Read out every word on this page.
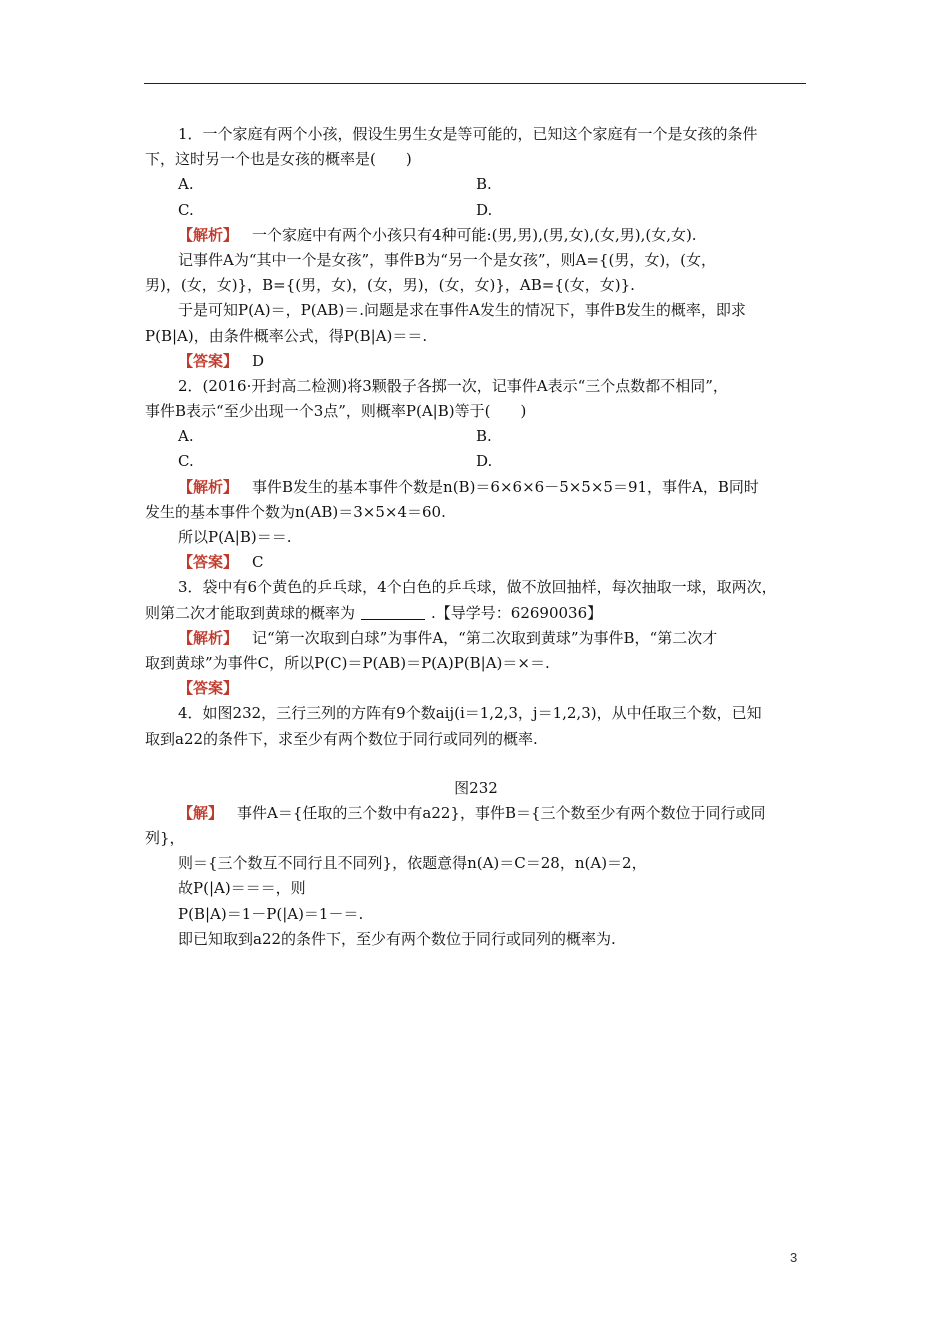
1．一个家庭有两个小孩，假设生男生女是等可能的，已知这个家庭有一个是女孩的条件
下，这时另一个也是女孩的概率是(　　)
A.	B.
C.	D.
【解析】 一个家庭中有两个小孩只有4种可能:(男,男),(男,女),(女,男),(女,女).
记事件A为“其中一个是女孩”，事件B为“另一个是女孩”，则A={(男，女)，(女，
男)，(女，女)}，B={(男，女)，(女，男)，(女，女)}，AB={(女，女)}.
于是可知P(A)＝，P(AB)＝.问题是求在事件A发生的情况下，事件B发生的概率，即求
P(B|A)，由条件概率公式，得P(B|A)＝＝.
【答案】 D
2．(2016·开封高二检测)将3颗骰子各掷一次，记事件A表示“三个点数都不相同”，
事件B表示“至少出现一个3点”，则概率P(A|B)等于(　　)
A.	B.
C.	D.
【解析】 事件B发生的基本事件个数是n(B)＝6×6×6－5×5×5＝91，事件A，B同时
发生的基本事件个数为n(AB)＝3×5×4＝60.
所以P(A|B)＝＝.
【答案】 C
3．袋中有6个黄色的乒乓球，4个白色的乒乓球，做不放回抽样，每次抽取一球，取两次，
则第二次才能取到黄球的概率为	.【导学号：62690036】
【解析】 记“第一次取到白球”为事件A，“第二次取到黄球”为事件B，“第二次才
取到黄球”为事件C，所以P(C)＝P(AB)＝P(A)P(B|A)＝×＝.
【答案】
4．如图232，三行三列的方阵有9个数aij(i＝1,2,3，j＝1,2,3)，从中任取三个数，已知
取到a22的条件下，求至少有两个数位于同行或同列的概率.
图232
【解】 事件A＝{任取的三个数中有a22}，事件B＝{三个数至少有两个数位于同行或同
列}，
则＝{三个数互不同行且不同列}，依题意得n(A)＝C＝28，n(A)＝2，
故P(|A)＝＝＝，则
P(B|A)＝1－P(|A)＝1－＝.
即已知取到a22的条件下，至少有两个数位于同行或同列的概率为.
3
